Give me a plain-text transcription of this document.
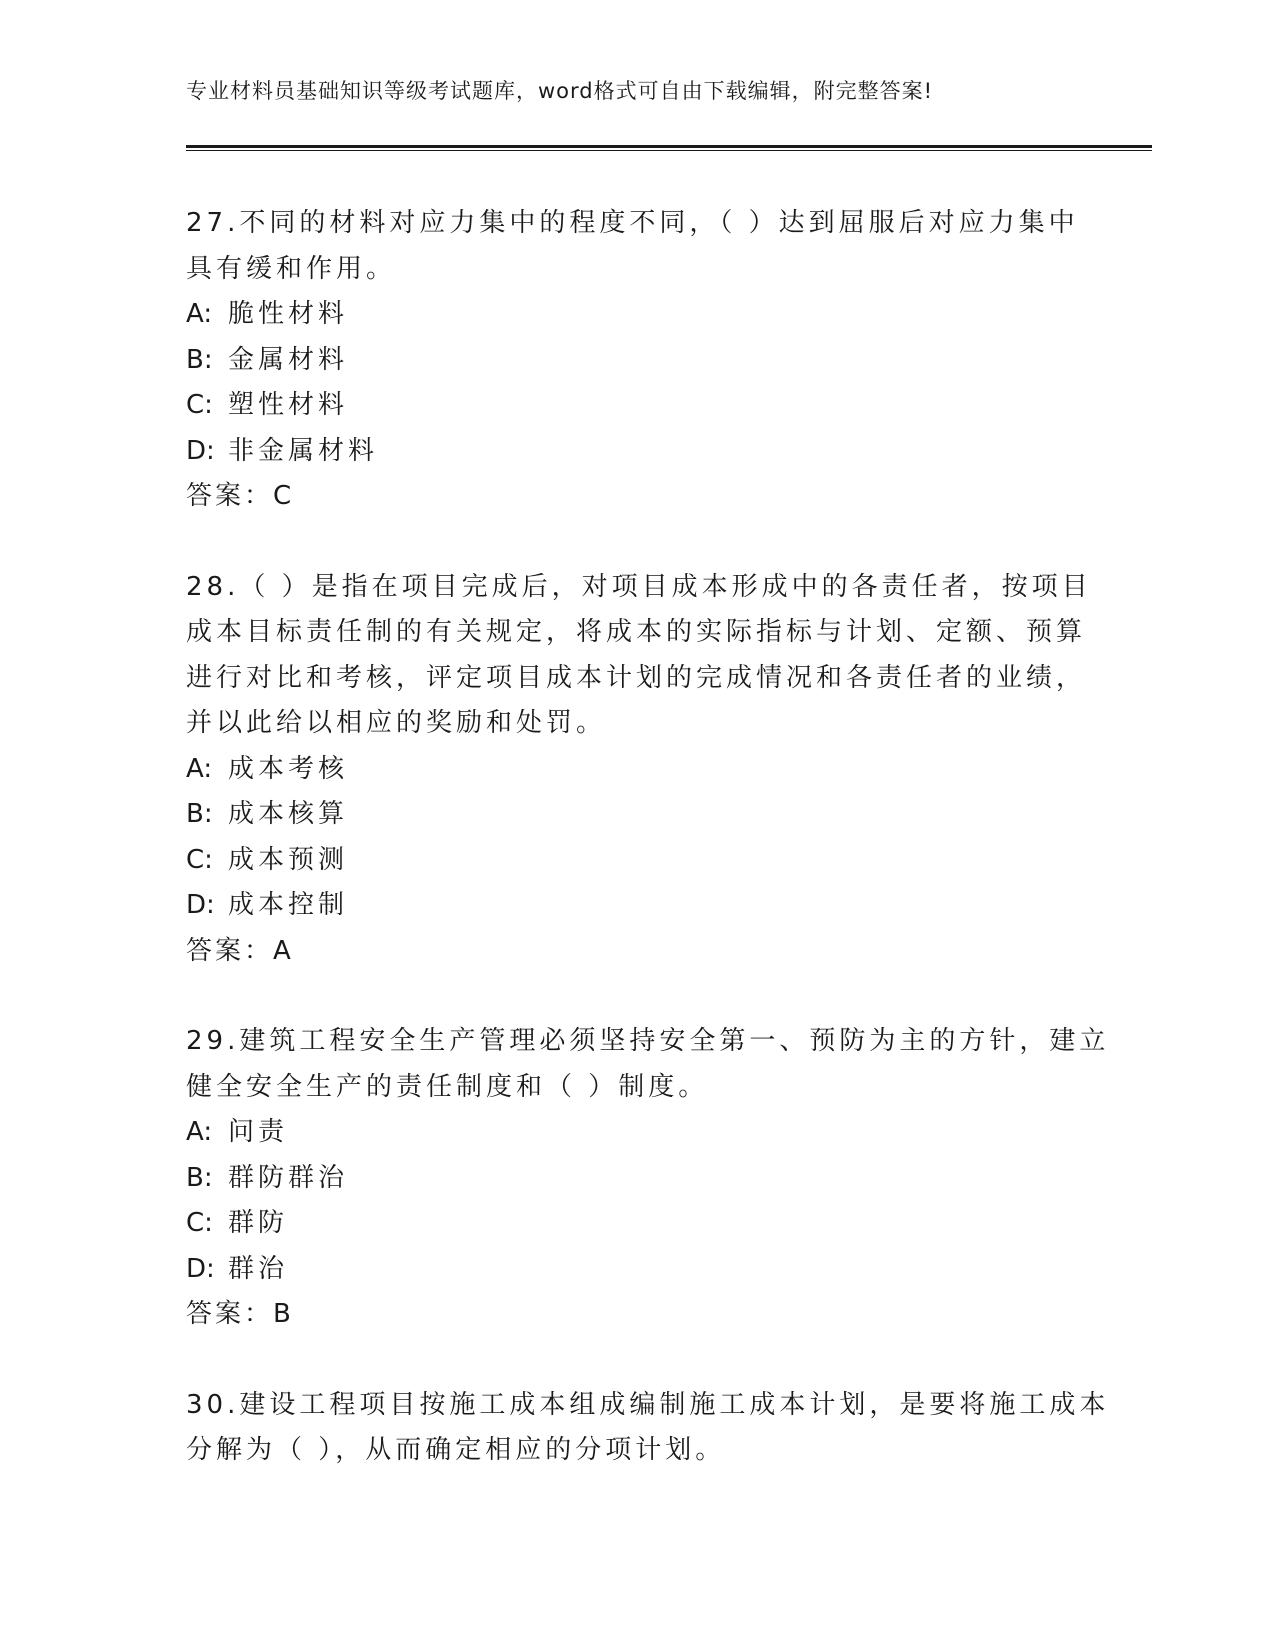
专业材料员基础知识等级考试题库，word格式可自由下载编辑，附完整答案!
27.不同的材料对应力集中的程度不同，（ ）达到屈服后对应力集中
具有缓和作用。
A: 脆性材料
B: 金属材料
C: 塑性材料
D: 非金属材料
答案：C
28.（ ）是指在项目完成后，对项目成本形成中的各责任者，按项目
成本目标责任制的有关规定，将成本的实际指标与计划、定额、预算
进行对比和考核，评定项目成本计划的完成情况和各责任者的业绩，
并以此给以相应的奖励和处罚。
A: 成本考核
B: 成本核算
C: 成本预测
D: 成本控制
答案：A
29.建筑工程安全生产管理必须坚持安全第一、预防为主的方针，建立
健全安全生产的责任制度和（ ）制度。
A: 问责
B: 群防群治
C: 群防
D: 群治
答案：B
30.建设工程项目按施工成本组成编制施工成本计划，是要将施工成本
分解为（ ），从而确定相应的分项计划。
